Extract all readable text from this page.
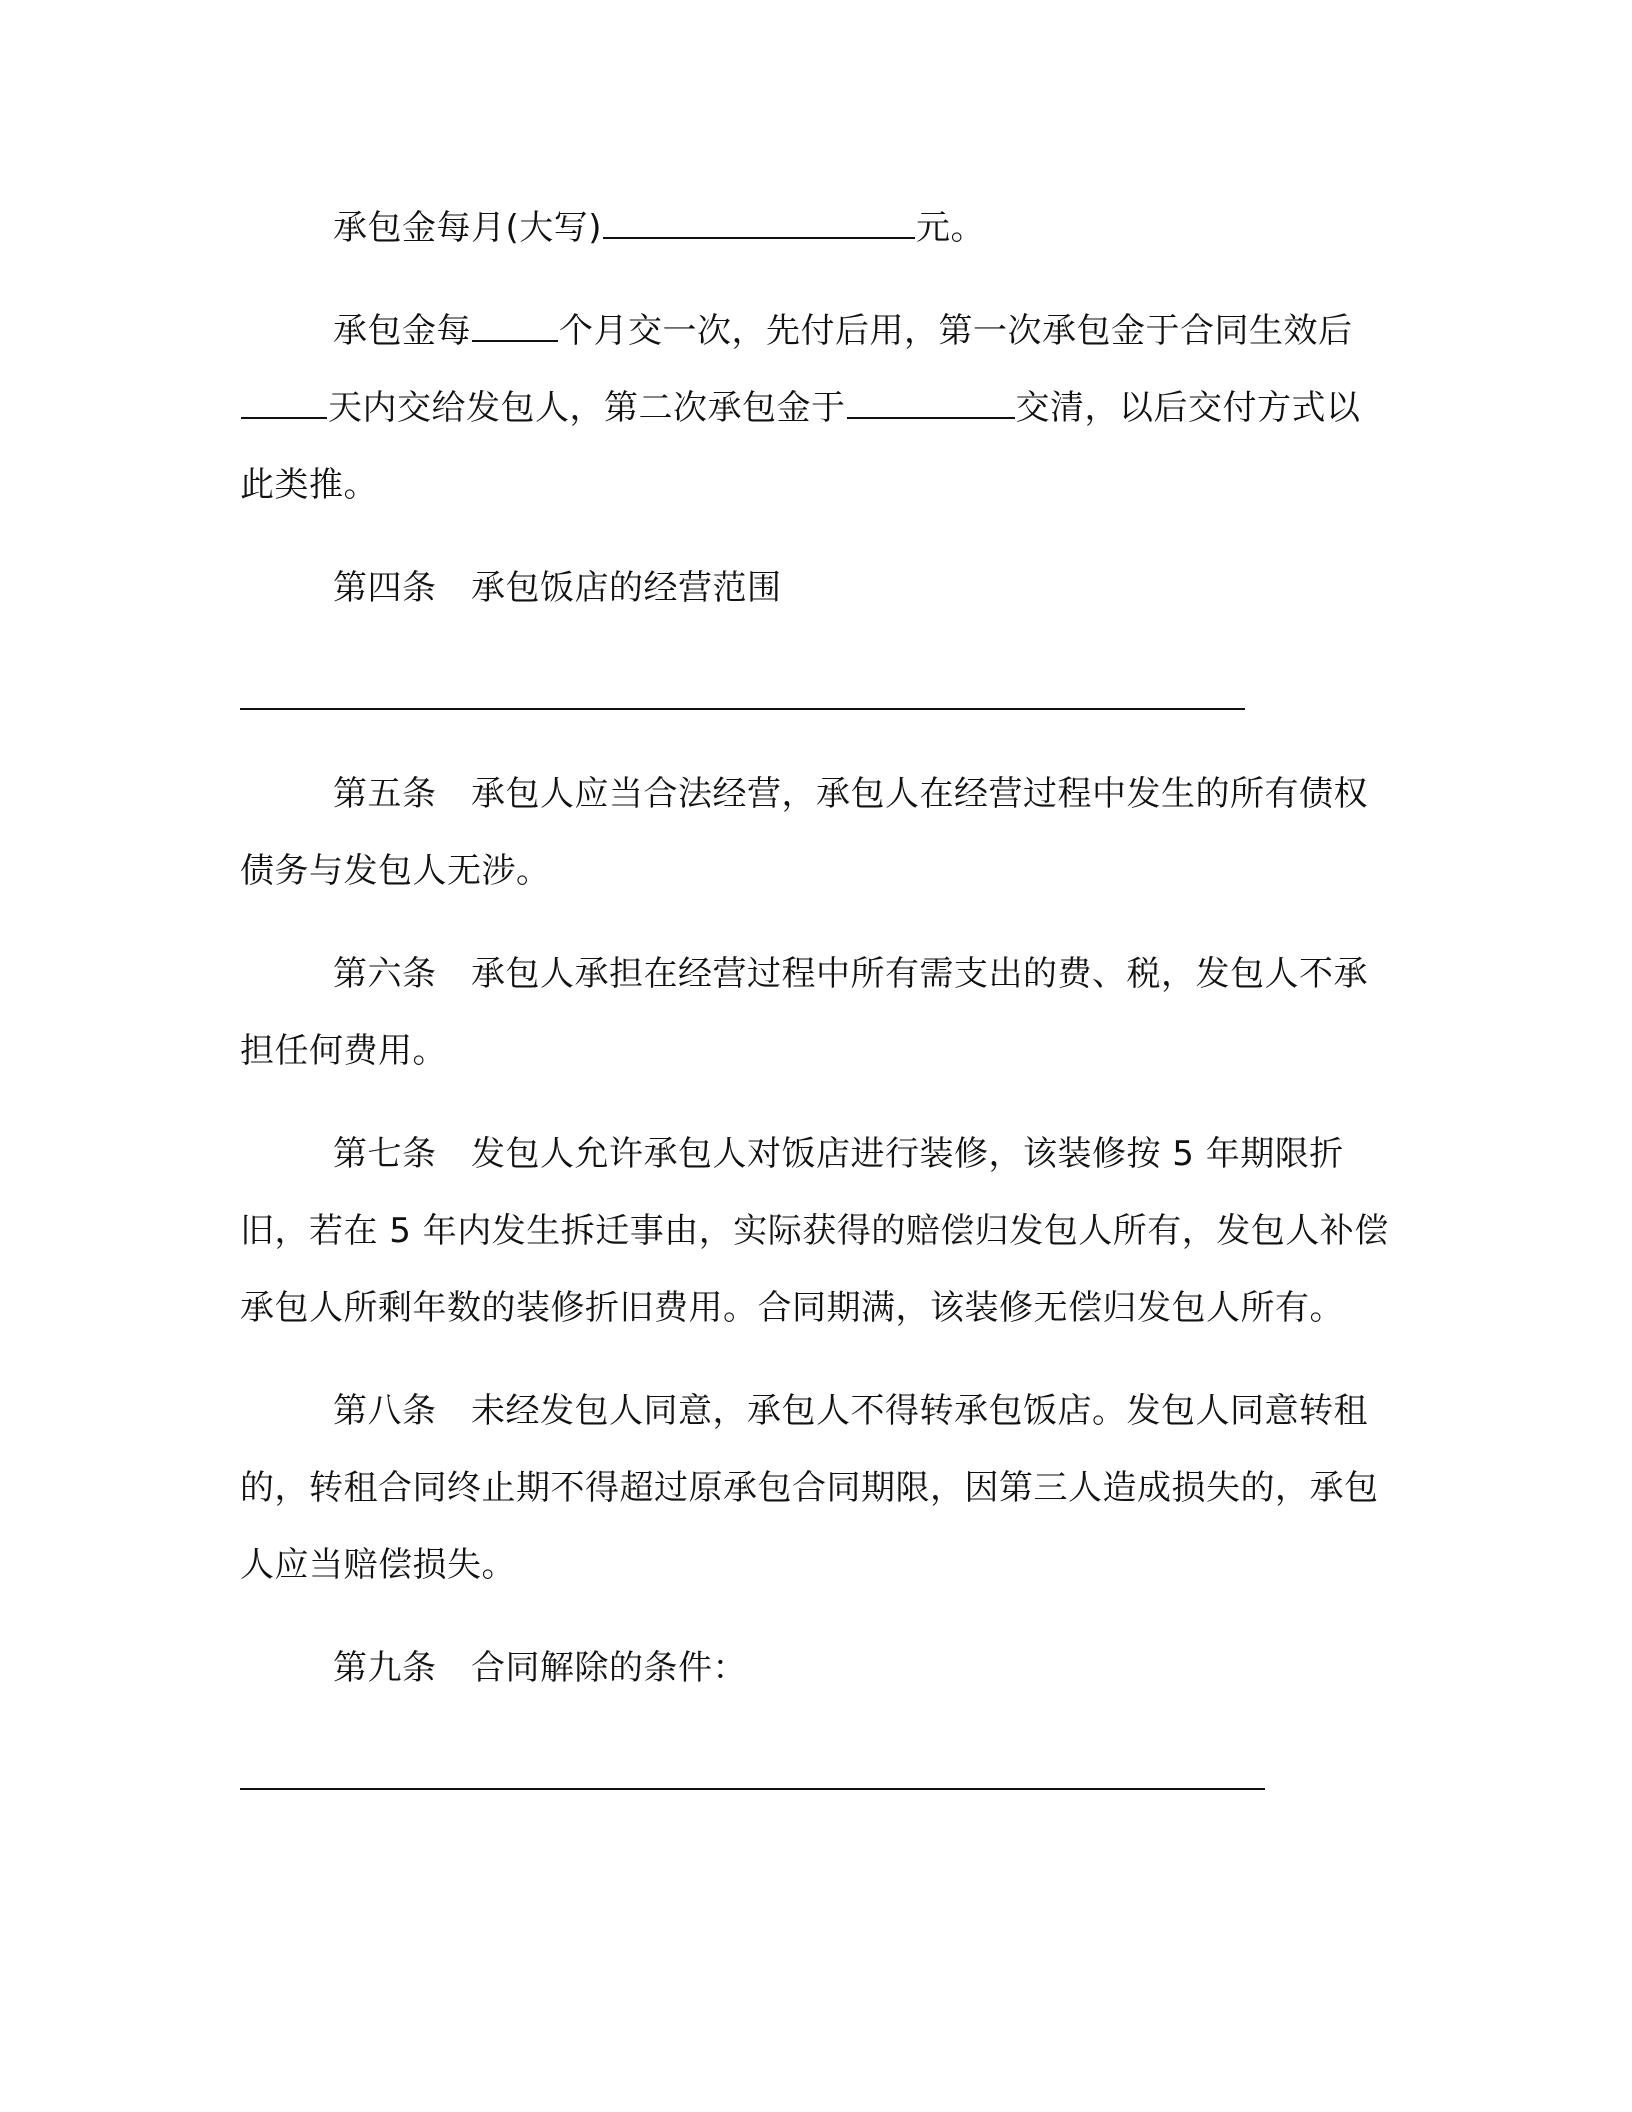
承包金每月(大写)	元。

承包金每	个月交一次，先付后用，第一次承包金于合同生效后天内交给发包人，第二次承包金于	交清，以后交付方式以此类推。

第四条　承包饭店的经营范围

第五条　承包人应当合法经营，承包人在经营过程中发生的所有债权债务与发包人无涉。

第六条　承包人承担在经营过程中所有需支出的费、税，发包人不承担任何费用。

第七条　发包人允许承包人对饭店进行装修，该装修按 5 年期限折旧，若在 5 年内发生拆迁事由，实际获得的赔偿归发包人所有，发包人补偿承包人所剩年数的装修折旧费用。合同期满，该装修无偿归发包人所有。

第八条　未经发包人同意，承包人不得转承包饭店。发包人同意转租的，转租合同终止期不得超过原承包合同期限，因第三人造成损失的，承包人应当赔偿损失。

第九条　合同解除的条件：
